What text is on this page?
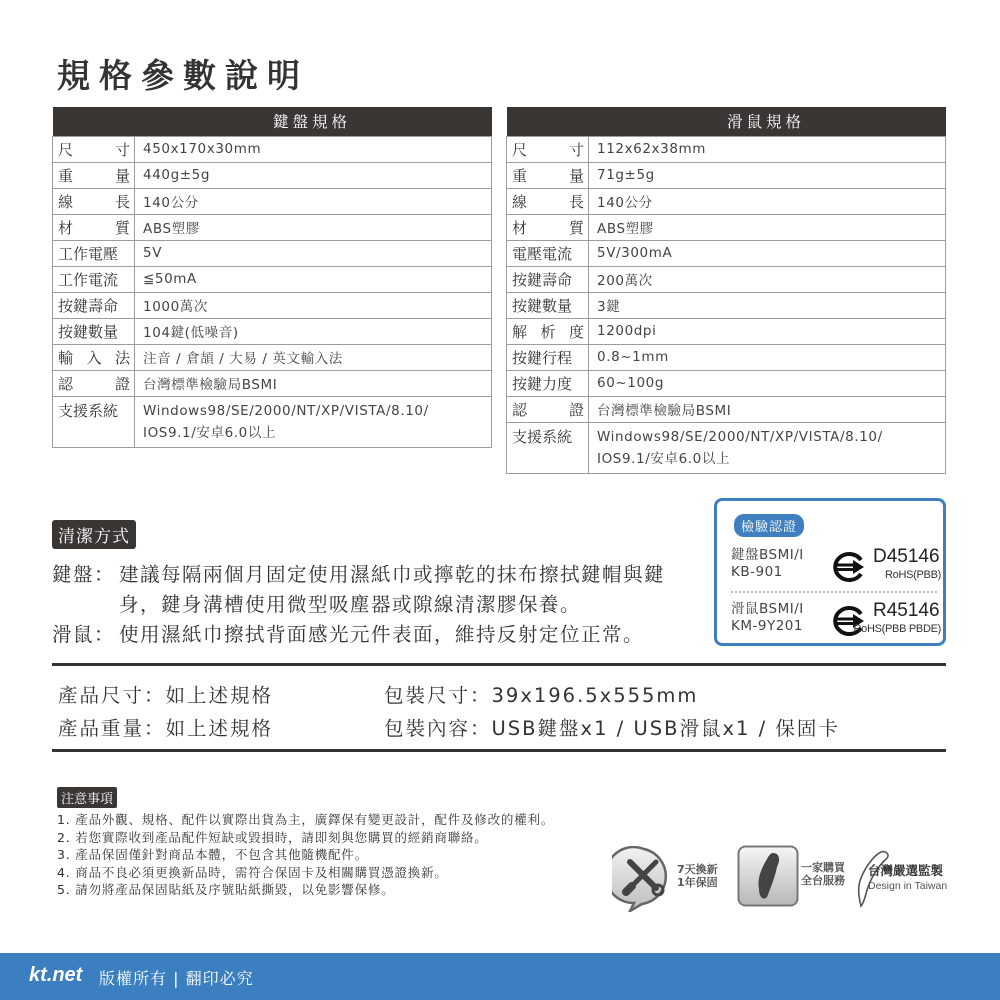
規格參數說明
鍵盤規格	

尺 寸	450x170x30mm

重 量	440g±5g

線 長	140公分

材 質	ABS塑膠

工作電壓	5V

工作電流	≦50mA

按鍵壽命	1000萬次

按鍵數量	104鍵(低噪音)

輸 入 法	注音 / 倉頡 / 大易 / 英文輸入法

認 證	台灣標準檢驗局BSMI

支援系統	Windows98/SE/2000/NT/XP/VISTA/8.10/
IOS9.1/安卓6.0以上
滑鼠規格	

尺 寸	112x62x38mm

重 量	71g±5g

線 長	140公分

材 質	ABS塑膠

電壓電流	5V/300mA

按鍵壽命	200萬次

按鍵數量	3鍵

解 析 度	1200dpi

按鍵行程	0.8~1mm

按鍵力度	60~100g

認 證	台灣標準檢驗局BSMI

支援系統	Windows98/SE/2000/NT/XP/VISTA/8.10/
IOS9.1/安卓6.0以上
清潔方式
鍵盤： 建議每隔兩個月固定使用濕紙巾或擰乾的抹布擦拭鍵帽與鍵
身，鍵身溝槽使用微型吸塵器或隙線清潔膠保養。
滑鼠： 使用濕紙巾擦拭背面感光元件表面，維持反射定位正常。
檢驗認證
鍵盤BSMI/I
KB-901
D45146
RoHS(PBB)
滑鼠BSMI/I
KM-9Y201
R45146
RoHS(PBB PBDE)
產品尺寸：如上述規格
產品重量：如上述規格
包裝尺寸：39x196.5x555mm
包裝內容：USB鍵盤x1 / USB滑鼠x1 / 保固卡
注意事項
1. 產品外觀、規格、配件以實際出貨為主，廣鐸保有變更設計，配件及修改的權利。
2. 若您實際收到產品配件短缺或毀損時，請即刻與您購買的經銷商聯絡。
3. 產品保固僅針對商品本體，不包含其他隨機配件。
4. 商品不良必須更換新品時，需符合保固卡及相關購買憑證換新。
5. 請勿將產品保固貼紙及序號貼紙撕毀，以免影響保修。
7天換新
1年保固
一家購買
全台服務
台灣嚴選監製
Design in Taiwan
kt.net 版權所有 | 翻印必究
